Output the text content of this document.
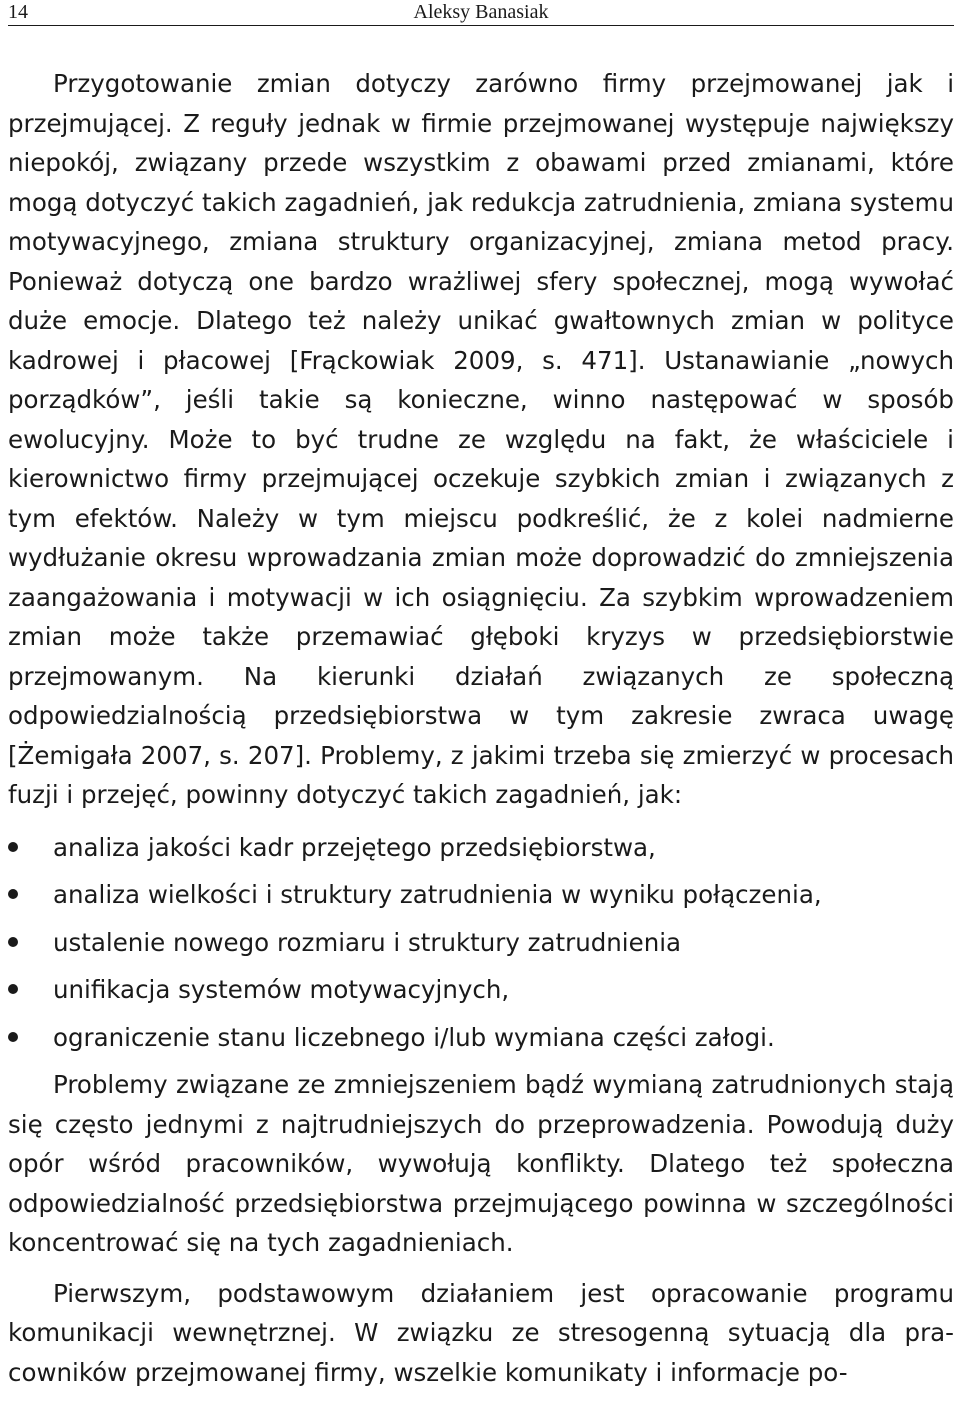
14	Aleksy Banasiak

Przygotowanie zmian dotyczy zarówno firmy przejmowanej jak i przejmującej. Z reguły jednak w firmie przejmowanej występuje największy niepokój, związany przede wszystkim z obawami przed zmianami, które mogą dotyczyć takich zagadnień, jak redukcja zatrudnienia, zmiana systemu motywacyjnego, zmiana struktury organizacyjnej, zmiana metod pracy. Ponieważ dotyczą one bardzo wrażliwej sfery społecznej, mogą wywołać duże emocje. Dlatego też należy unikać gwałtownych zmian w polityce kadrowej i płacowej [Frąckowiak 2009, s. 471]. Ustanawianie „nowych porządków”, jeśli takie są konieczne, winno następować w sposób ewolucyjny. Może to być trudne ze względu na fakt, że właściciele i kierownictwo firmy przejmującej oczekuje szybkich zmian i związanych z tym efektów. Należy w tym miejscu podkreślić, że z kolei nadmierne wydłużanie okresu wprowadzania zmian może doprowadzić do zmniejszenia zaangażowania i motywacji w ich osiągnięciu. Za szybkim wprowadzeniem zmian może także przemawiać głęboki kryzys w przedsiębiorstwie przejmowanym. Na kierunki działań związanych ze społeczną odpowiedzialnością przedsiębiorstwa w tym zakresie zwraca uwagę [Żemigała 2007, s. 207]. Problemy, z jakimi trzeba się zmierzyć w procesach fuzji i przejęć, powinny dotyczyć takich zagadnień, jak:

analiza jakości kadr przejętego przedsiębiorstwa,
analiza wielkości i struktury zatrudnienia w wyniku połączenia,
ustalenie nowego rozmiaru i struktury zatrudnienia
unifikacja systemów motywacyjnych,
ograniczenie stanu liczebnego i/lub wymiana części załogi.

Problemy związane ze zmniejszeniem bądź wymianą zatrudnionych stają się często jednymi z najtrudniejszych do przeprowadzenia. Powodują duży opór wśród pracowników, wywołują konflikty. Dlatego też społeczna odpowiedzialność przedsiębiorstwa przejmującego powinna w szczególności koncentrować się na tych zagadnieniach.

Pierwszym, podstawowym działaniem jest opracowanie programu komunikacji wewnętrznej. W związku ze stresogenną sytuacją dla pracowników przejmowanej firmy, wszelkie komunikaty i informacje po-
